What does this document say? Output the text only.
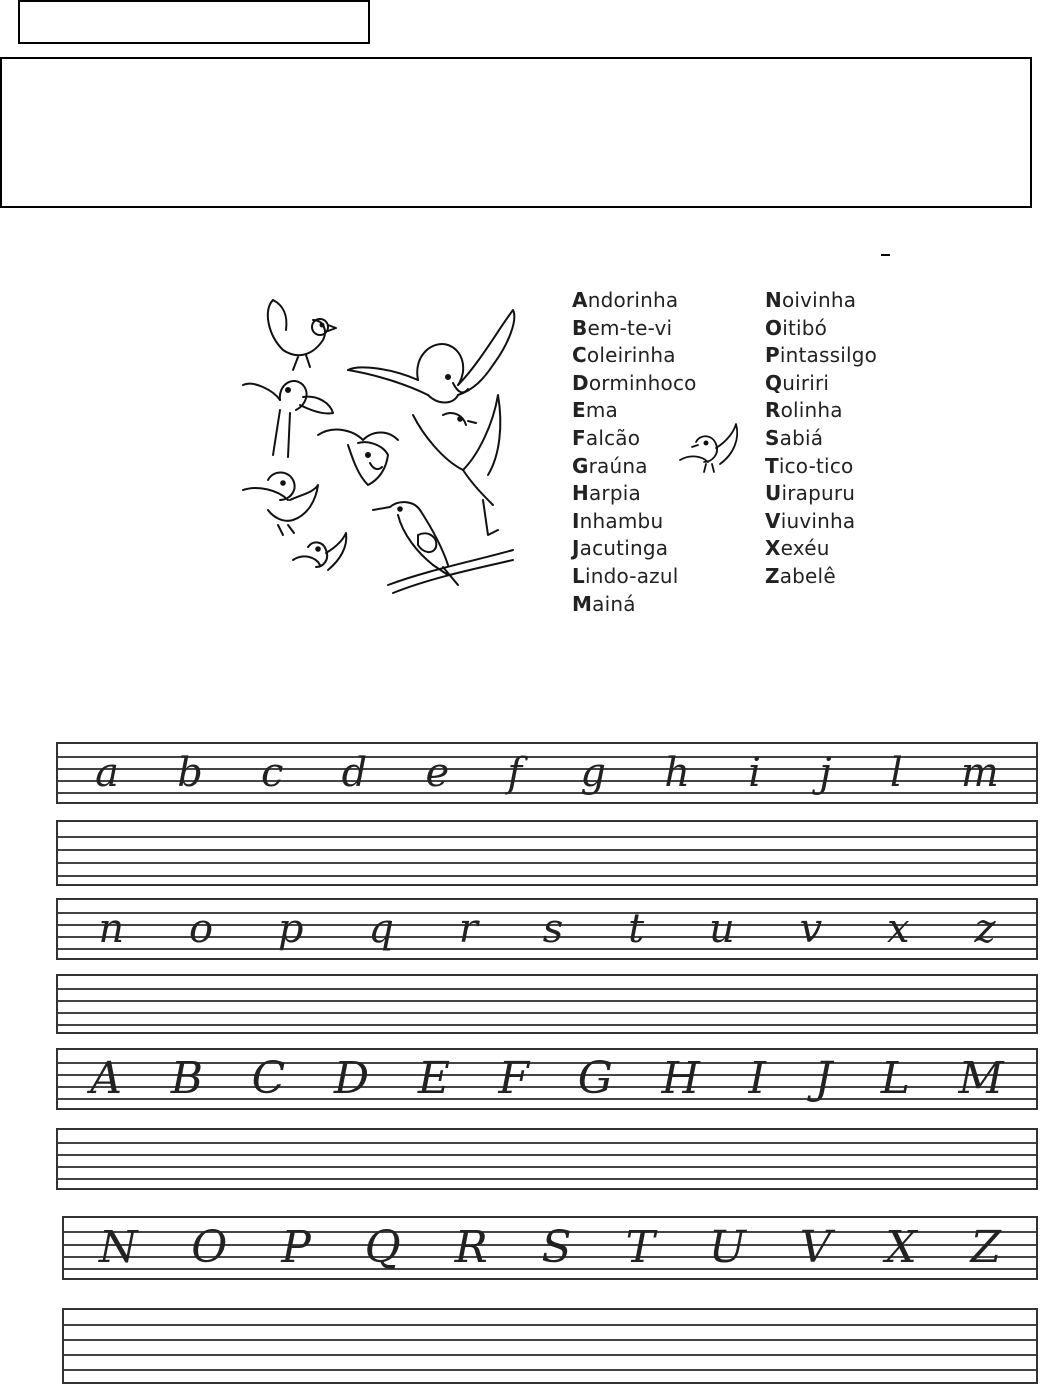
Andorinha
Bem-te-vi
Coleirinha
Dorminhoco
Ema
Falcão
Graúna
Harpia
Inhambu
Jacutinga
Lindo-azul
Mainá
Noivinha
Oitibó
Pintassilgo
Quiriri
Rolinha
Sabiá
Tico-tico
Uirapuru
Viuvinha
Xexéu
Zabelê
a b c d e f g h i j l m
n o p q r s t u v x z
A B C D E F G H I J L M
N O P Q R S T U V X Z
